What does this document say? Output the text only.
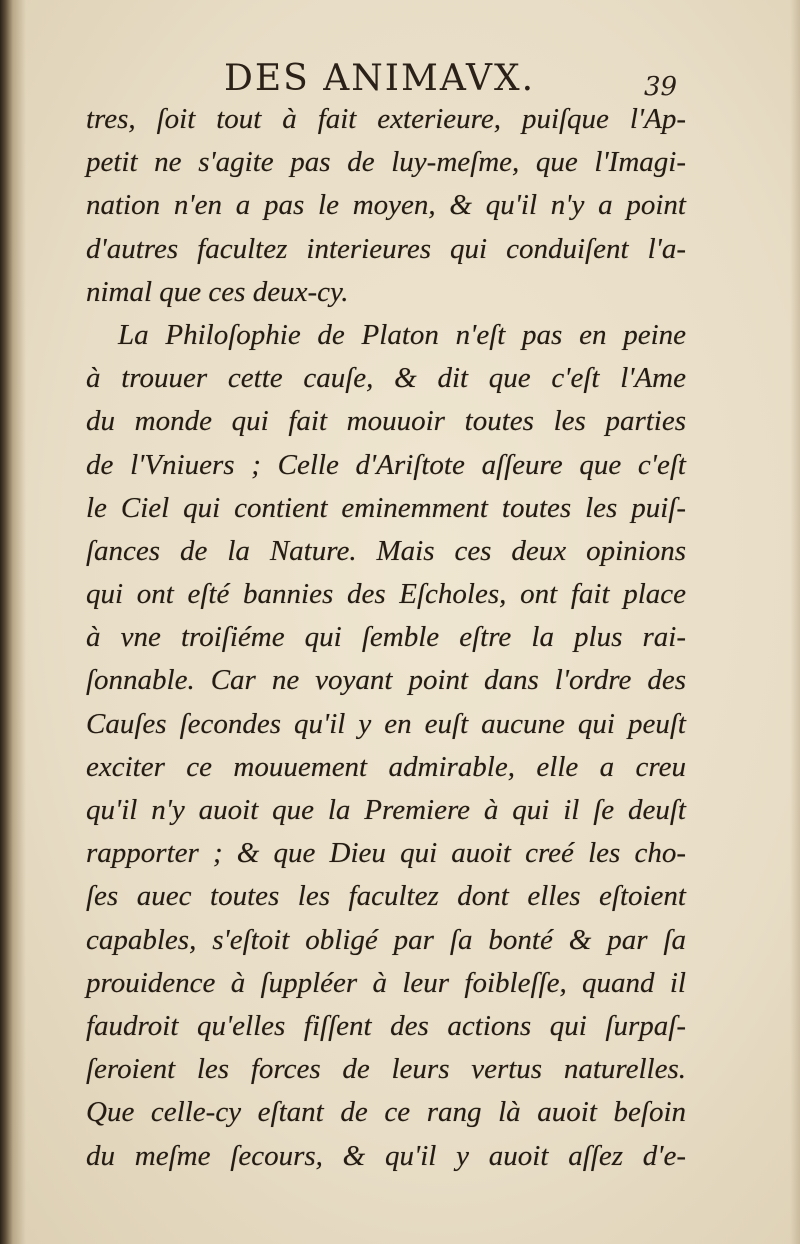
DES ANIMAVX.	39
tres, ſoit tout à fait exterieure, puiſque l'Ap-
petit ne s'agite pas de luy-meſme, que l'Imagi-
nation n'en a pas le moyen, & qu'il n'y a point
d'autres facultez interieures qui conduiſent l'a-
nimal que ces deux-cy.
La Philoſophie de Platon n'eſt pas en peine
à trouuer cette cauſe, & dit que c'eſt l'Ame
du monde qui fait mouuoir toutes les parties
de l'Vniuers ; Celle d'Ariſtote aſſeure que c'eſt
le Ciel qui contient eminemment toutes les puiſ-
ſances de la Nature. Mais ces deux opinions
qui ont eſté bannies des Eſcholes, ont fait place
à vne troiſiéme qui ſemble eſtre la plus rai-
ſonnable. Car ne voyant point dans l'ordre des
Cauſes ſecondes qu'il y en euſt aucune qui peuſt
exciter ce mouuement admirable, elle a creu
qu'il n'y auoit que la Premiere à qui il ſe deuſt
rapporter ; & que Dieu qui auoit creé les cho-
ſes auec toutes les facultez dont elles eſtoient
capables, s'eſtoit obligé par ſa bonté & par ſa
prouidence à ſuppléer à leur foibleſſe, quand il
faudroit qu'elles fiſſent des actions qui ſurpaſ-
ſeroient les forces de leurs vertus naturelles.
Que celle-cy eſtant de ce rang là auoit beſoin
du meſme ſecours, & qu'il y auoit aſſez d'e-
